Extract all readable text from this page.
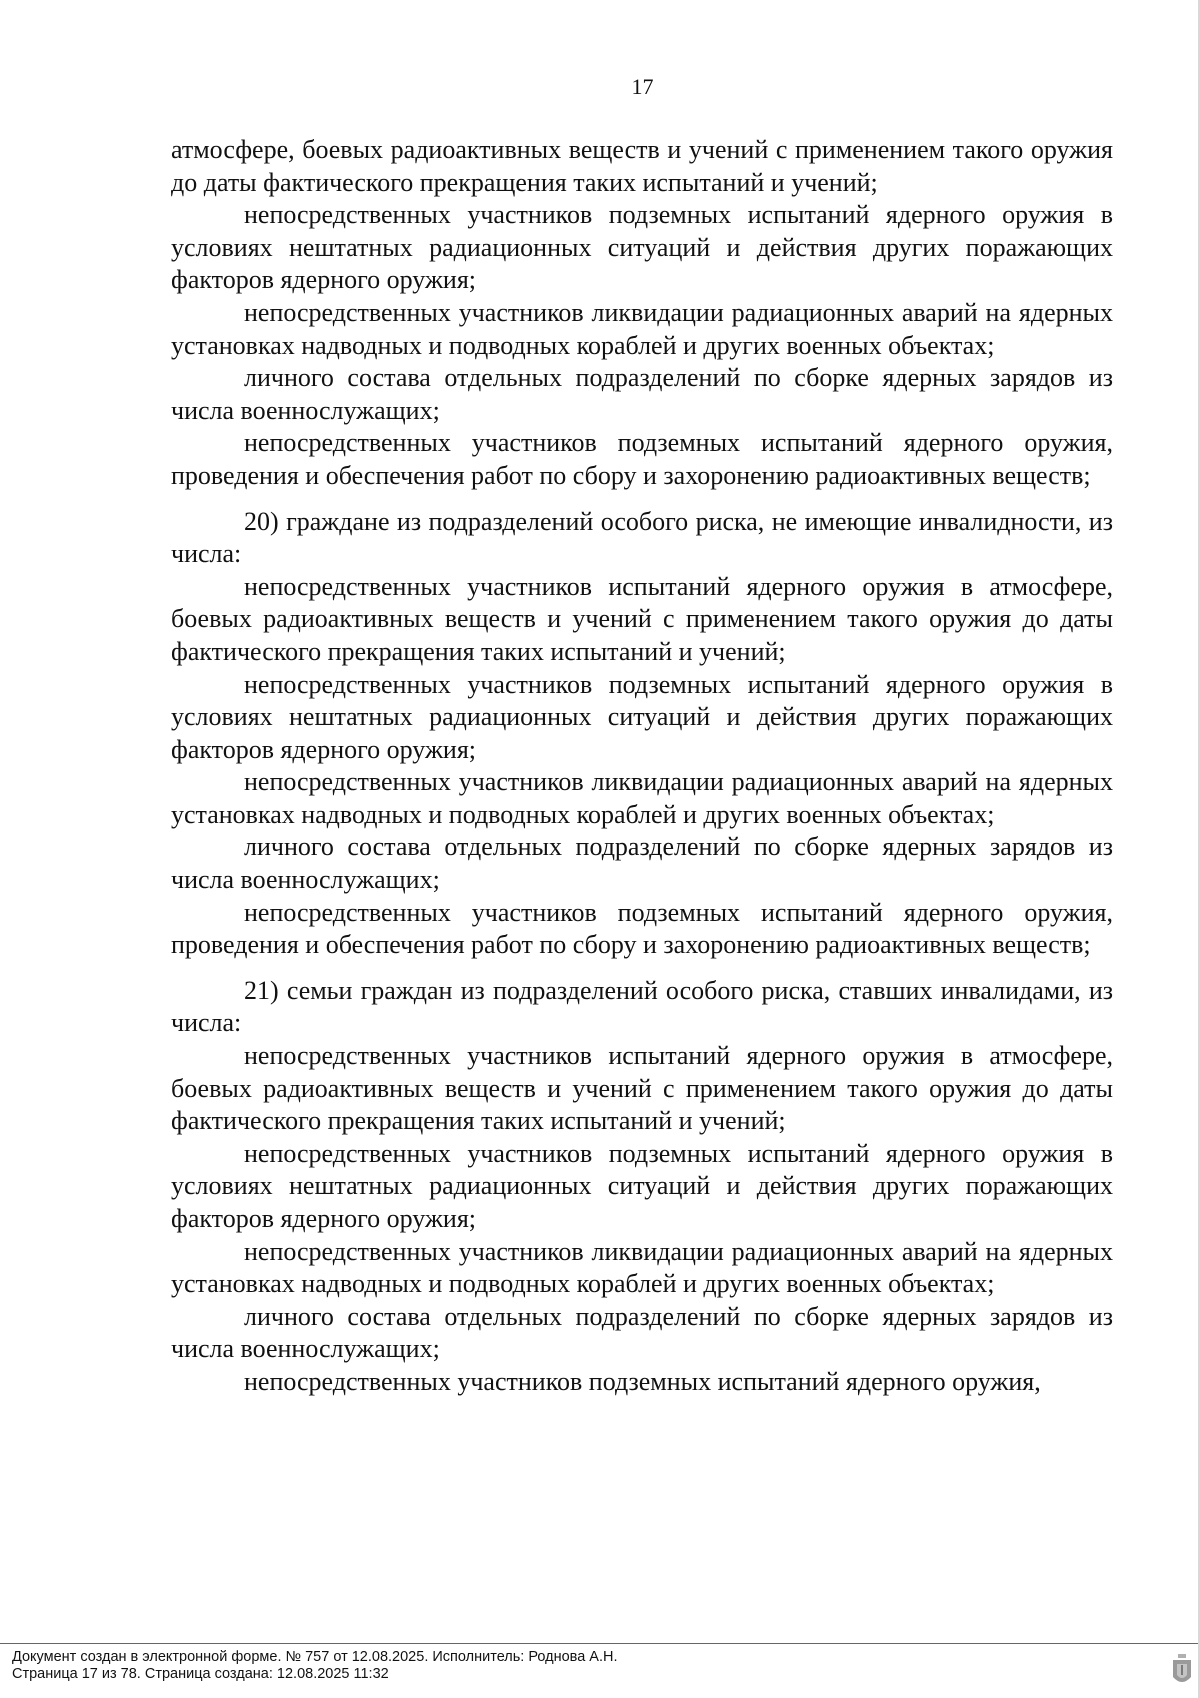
17

атмосфере, боевых радиоактивных веществ и учений с применением такого оружия до даты фактического прекращения таких испытаний и учений;

непосредственных участников подземных испытаний ядерного оружия в условиях нештатных радиационных ситуаций и действия других поражающих факторов ядерного оружия;

непосредственных участников ликвидации радиационных аварий на ядерных установках надводных и подводных кораблей и других военных объектах;

личного состава отдельных подразделений по сборке ядерных зарядов из числа военнослужащих;

непосредственных участников подземных испытаний ядерного оружия, проведения и обеспечения работ по сбору и захоронению радиоактивных веществ;

20) граждане из подразделений особого риска, не имеющие инвалидности, из числа:

непосредственных участников испытаний ядерного оружия в атмосфере, боевых радиоактивных веществ и учений с применением такого оружия до даты фактического прекращения таких испытаний и учений;

непосредственных участников подземных испытаний ядерного оружия в условиях нештатных радиационных ситуаций и действия других поражающих факторов ядерного оружия;

непосредственных участников ликвидации радиационных аварий на ядерных установках надводных и подводных кораблей и других военных объектах;

личного состава отдельных подразделений по сборке ядерных зарядов из числа военнослужащих;

непосредственных участников подземных испытаний ядерного оружия, проведения и обеспечения работ по сбору и захоронению радиоактивных веществ;

21) семьи граждан из подразделений особого риска, ставших инвалидами, из числа:

непосредственных участников испытаний ядерного оружия в атмосфере, боевых радиоактивных веществ и учений с применением такого оружия до даты фактического прекращения таких испытаний и учений;

непосредственных участников подземных испытаний ядерного оружия в условиях нештатных радиационных ситуаций и действия других поражающих факторов ядерного оружия;

непосредственных участников ликвидации радиационных аварий на ядерных установках надводных и подводных кораблей и других военных объектах;

личного состава отдельных подразделений по сборке ядерных зарядов из числа военнослужащих;

непосредственных участников подземных испытаний ядерного оружия,

Документ создан в электронной форме. № 757 от 12.08.2025. Исполнитель: Роднова А.Н.
Страница 17 из 78. Страница создана: 12.08.2025 11:32
